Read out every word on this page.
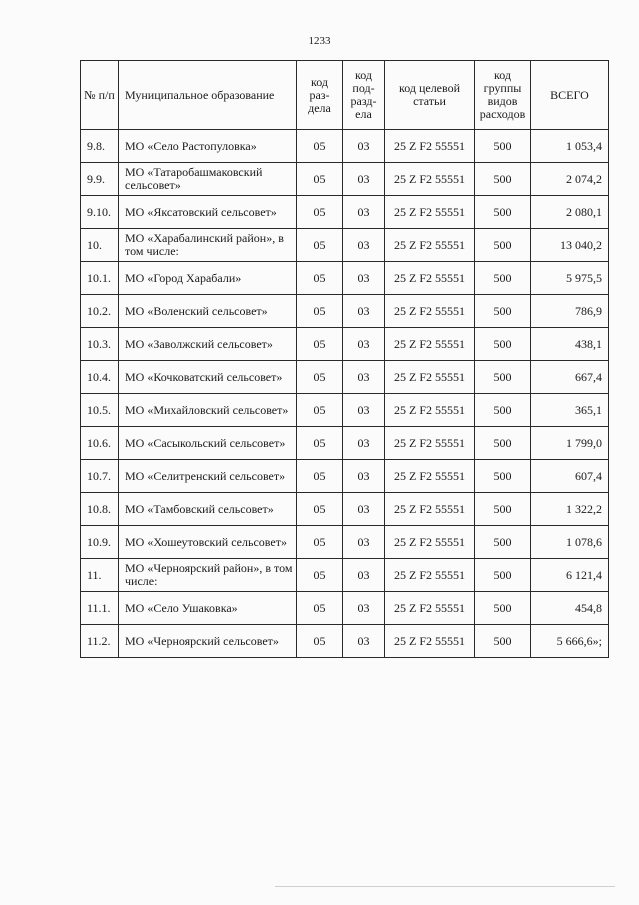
1233
№ п/п	Муниципальное образование	код раз-дела	код под-разд-ела	код целевой статьи	код группы видов расходов	ВСЕГО
9.8.	МО «Село Растопуловка»	05	03	25 Z F2 55551	500	1 053,4
9.9.	МО «Татаробашмаковский сельсовет»	05	03	25 Z F2 55551	500	2 074,2
9.10.	МО «Яксатовский сельсовет»	05	03	25 Z F2 55551	500	2 080,1
10.	МО «Харабалинский район», в том числе:	05	03	25 Z F2 55551	500	13 040,2
10.1.	МО «Город Харабали»	05	03	25 Z F2 55551	500	5 975,5
10.2.	МО «Воленский сельсовет»	05	03	25 Z F2 55551	500	786,9
10.3.	МО «Заволжский сельсовет»	05	03	25 Z F2 55551	500	438,1
10.4.	МО «Кочковатский сельсовет»	05	03	25 Z F2 55551	500	667,4
10.5.	МО «Михайловский сельсовет»	05	03	25 Z F2 55551	500	365,1
10.6.	МО «Сасыкольский сельсовет»	05	03	25 Z F2 55551	500	1 799,0
10.7.	МО «Селитренский сельсовет»	05	03	25 Z F2 55551	500	607,4
10.8.	МО «Тамбовский сельсовет»	05	03	25 Z F2 55551	500	1 322,2
10.9.	МО «Хошеутовский сельсовет»	05	03	25 Z F2 55551	500	1 078,6
11.	МО «Черноярский район», в том числе:	05	03	25 Z F2 55551	500	6 121,4
11.1.	МО «Село Ушаковка»	05	03	25 Z F2 55551	500	454,8
11.2.	МО «Черноярский сельсовет»	05	03	25 Z F2 55551	500	5 666,6»;
